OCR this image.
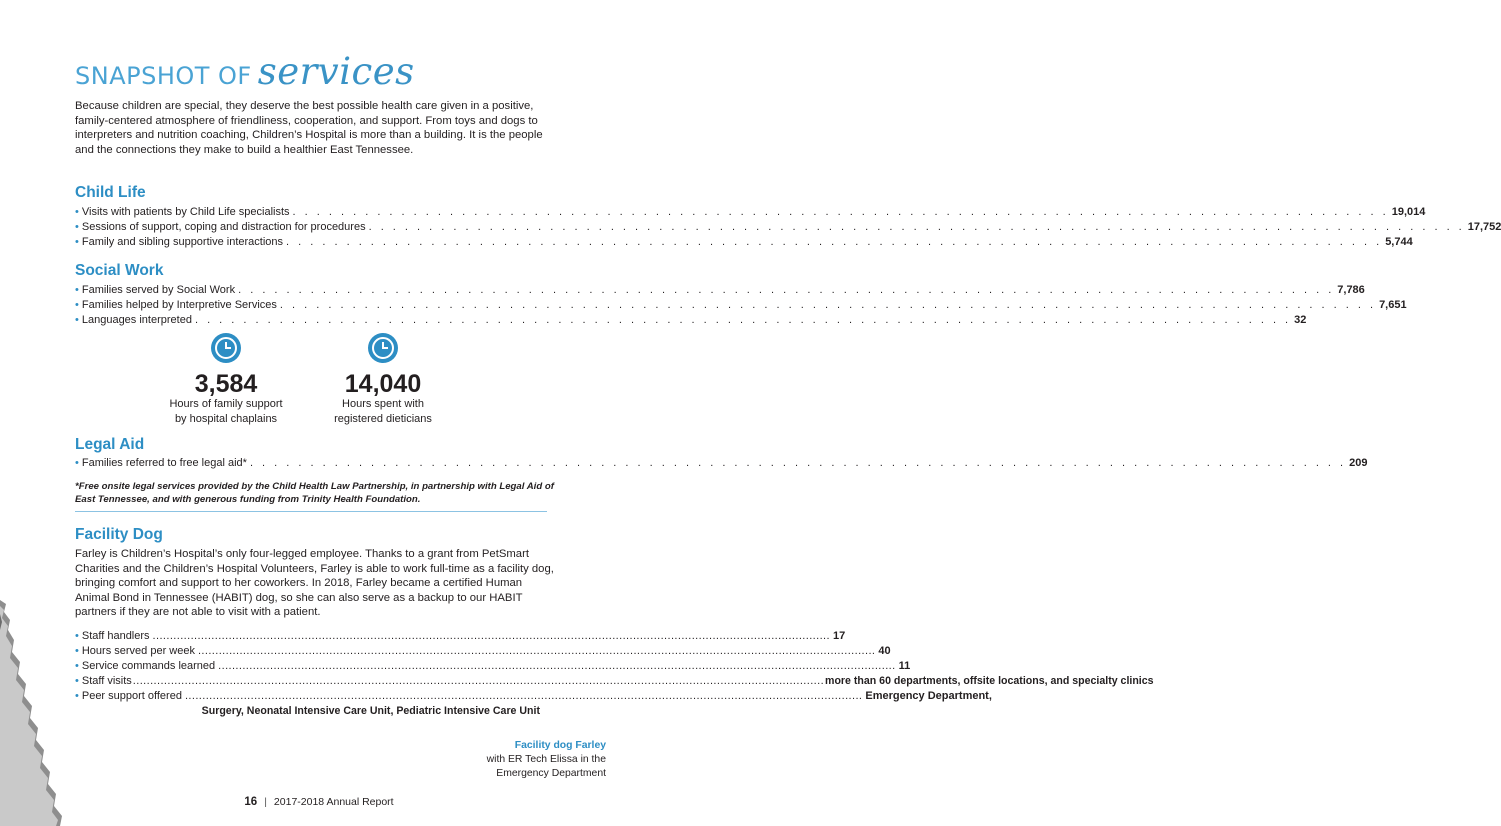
SNAPSHOT OF services
Because children are special, they deserve the best possible health care given in a positive, family-centered atmosphere of friendliness, cooperation, and support. From toys and dogs to interpreters and nutrition coaching, Children’s Hospital is more than a building. It is the people and the connections they make to build a healthier East Tennessee.
Child Life
• Visits with patients by Child Life specialists . . .	19,014
• Sessions of support, coping and distraction for procedures . . .	17,752
• Family and sibling supportive interactions . . .	5,744
Social Work
• Families served by Social Work . . .	7,786
• Families helped by Interpretive Services . . .	7,651
• Languages interpreted . . .	32
3,584
Hours of family support
by hospital chaplains
14,040
Hours spent with
registered dieticians
Legal Aid
• Families referred to free legal aid* . . .	209
*Free onsite legal services provided by the Child Health Law Partnership, in partnership with Legal Aid of East Tennessee, and with generous funding from Trinity Health Foundation.
Facility Dog
Farley is Children’s Hospital’s only four-legged employee. Thanks to a grant from PetSmart Charities and the Children’s Hospital Volunteers, Farley is able to work full-time as a facility dog, bringing comfort and support to her coworkers. In 2018, Farley became a certified Human Animal Bond in Tennessee (HABIT) dog, so she can also serve as a backup to our HABIT partners if they are not able to visit with a patient.
• Staff handlers .....	17
• Hours served per week .....	40
• Service commands learned .....	11
• Staff visits	..... .... more than 60 departments, offsite locations, and specialty clinics
• Peer support offered .....	Emergency Department,
Surgery, Neonatal Intensive Care Unit, Pediatric Intensive Care Unit
Facility dog Farley
with ER Tech Elissa in the
Emergency Department
16 | 2017-2018 Annual Report
